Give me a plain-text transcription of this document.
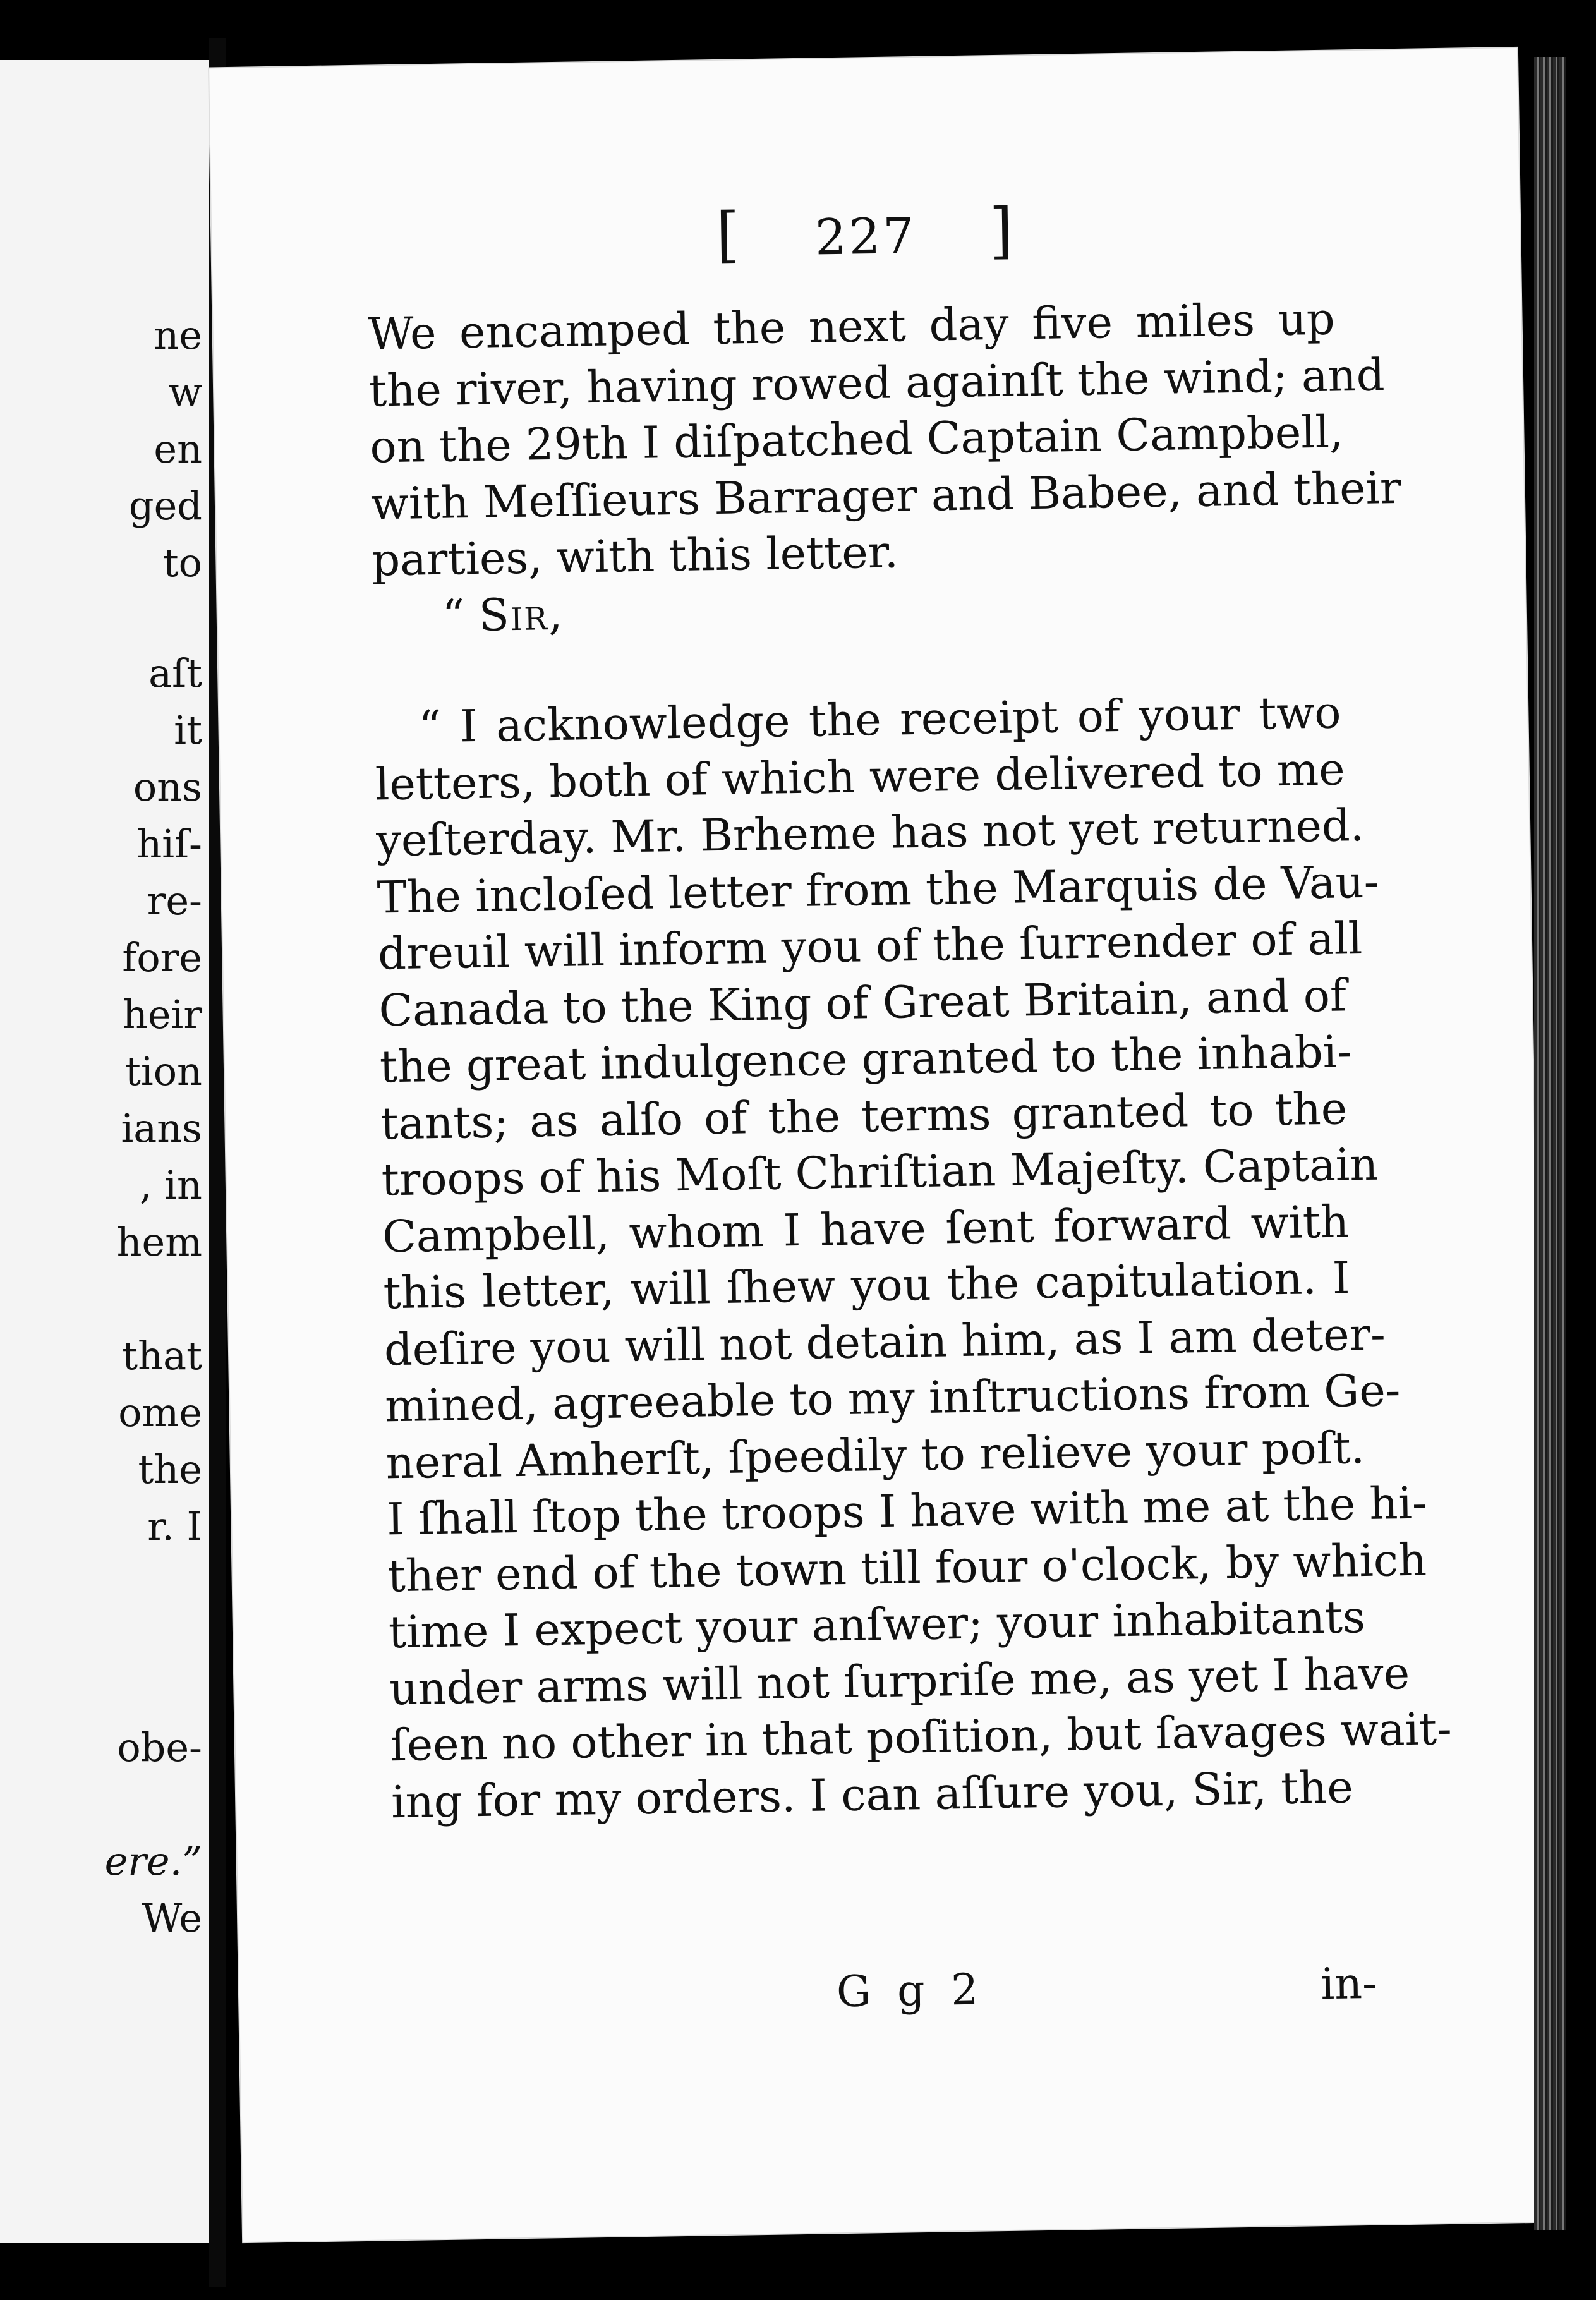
ne
w
en
ged
to
aſt
it
ons
hiſ-
re-
fore
heir
tion
ians
, in
hem
that
ome
the
r. I
obe-
ere.”
We
[ 227 ]

We encamped the next day five miles up
the river, having rowed againſt the wind; and
on the 29th I diſpatched Captain Campbell,
with Meſſieurs Barrager and Babee, and their
parties, with this letter.

“ Sir,

“ I acknowledge the receipt of your two
letters, both of which were delivered to me
yeſterday. Mr. Brheme has not yet returned.
The incloſed letter from the Marquis de Vau-
dreuil will inform you of the ſurrender of all
Canada to the King of Great Britain, and of
the great indulgence granted to the inhabi-
tants; as alſo of the terms granted to the
troops of his Moſt Chriſtian Majeſty. Captain
Campbell, whom I have ſent forward with
this letter, will ſhew you the capitulation. I
deſire you will not detain him, as I am deter-
mined, agreeable to my inſtructions from Ge-
neral Amherſt, ſpeedily to relieve your poſt.
I ſhall ſtop the troops I have with me at the hi-
ther end of the town till four o'clock, by which
time I expect your anſwer; your inhabitants
under arms will not ſurpriſe me, as yet I have
ſeen no other in that poſition, but ſavages wait-
ing for my orders. I can aſſure you, Sir, the

G g 2	in-
